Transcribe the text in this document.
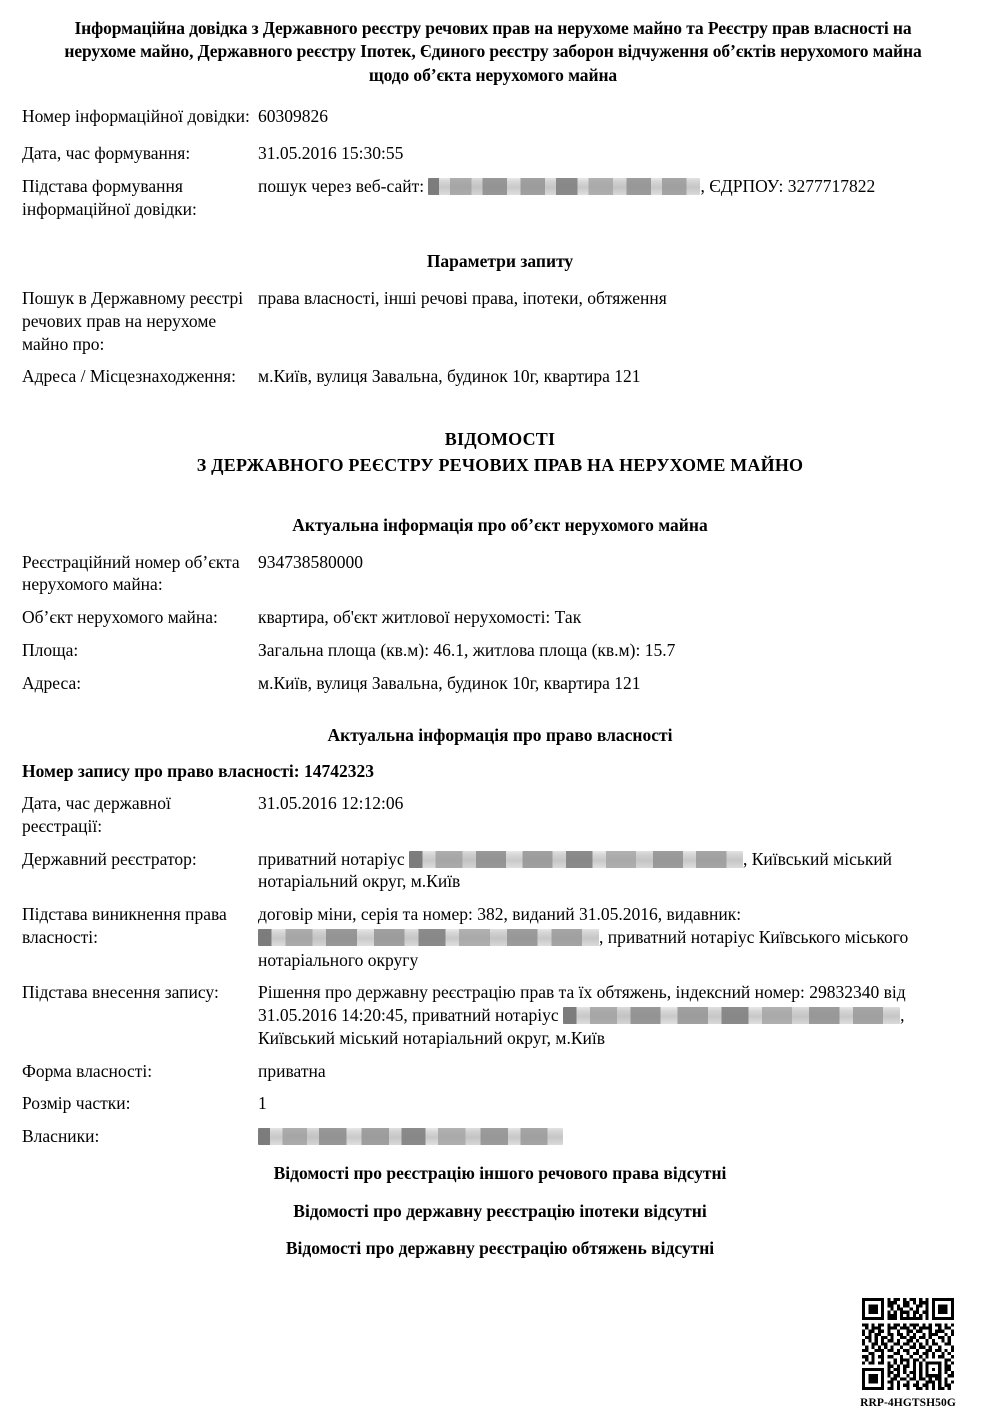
Інформаційна довідка з Державного реєстру речових прав на нерухоме майно та Реєстру прав власності на нерухоме майно, Державного реєстру Іпотек, Єдиного реєстру заборон відчуження об’єктів нерухомого майна щодо об’єкта нерухомого майна
Номер інформаційної довідки: 60309826
Дата, час формування:	31.05.2016 15:30:55
Підстава формування інформаційної довідки:
пошук через веб-сайт:	, ЄДРПОУ: 3277717822
Параметри запиту
Пошук в Державному реєстрі речових прав на нерухоме майно про:
права власності, інші речові права, іпотеки, обтяження
Адреса / Місцезнаходження:	м.Київ, вулиця Завальна, будинок 10г, квартира 121
ВІДОМОСТІ
З ДЕРЖАВНОГО РЕЄСТРУ РЕЧОВИХ ПРАВ НА НЕРУХОМЕ МАЙНО
Актуальна інформація про об’єкт нерухомого майна
Реєстраційний номер об’єкта нерухомого майна:
934738580000
Об’єкт нерухомого майна:	квартира, об'єкт житлової нерухомості: Так
Площа:	Загальна площа (кв.м): 46.1, житлова площа (кв.м): 15.7
Адреса:	м.Київ, вулиця Завальна, будинок 10г, квартира 121
Актуальна інформація про право власності
Номер запису про право власності: 14742323
Дата, час державної реєстрації:
31.05.2016 12:12:06
Державний реєстратор:	приватний нотаріус	, Київський міський нотаріальний округ, м.Київ
Підстава виникнення права власності:
договір міни, серія та номер: 382, виданий 31.05.2016, видавник: , приватний нотаріус Київського міського нотаріального округу
Підстава внесення запису:	Рішення про державну реєстрацію прав та їх обтяжень, індексний номер: 29832340 від 31.05.2016 14:20:45, приватний нотаріус	, Київський міський нотаріальний округ, м.Київ
Форма власності:	приватна
Розмір частки:	1
Власники:
Відомості про реєстрацію іншого речового права відсутні
Відомості про державну реєстрацію іпотеки відсутні
Відомості про державну реєстрацію обтяжень відсутні
RRP-4HGTSH50G
